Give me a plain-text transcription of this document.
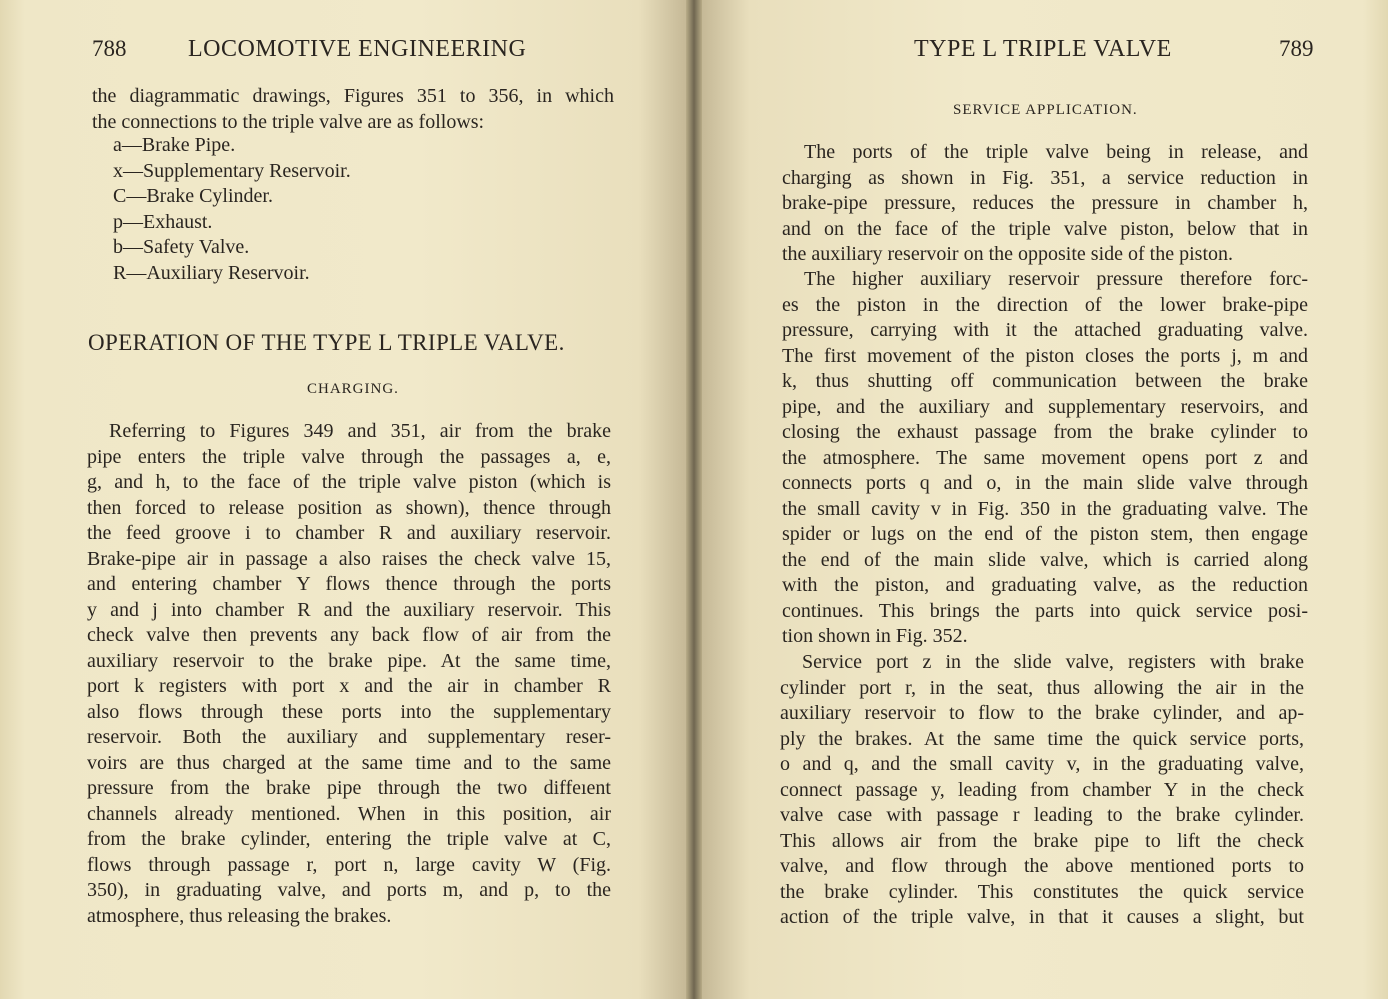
788	LOCOMOTIVE ENGINEERING
the diagrammatic drawings, Figures 351 to 356, in which
the connections to the triple valve are as follows:
a—Brake Pipe.
x—Supplementary Reservoir.
C—Brake Cylinder.
p—Exhaust.
b—Safety Valve.
R—Auxiliary Reservoir.
OPERATION OF THE TYPE L TRIPLE VALVE.
CHARGING.
Referring to Figures 349 and 351, air from the brake
pipe enters the triple valve through the passages a, e,
g, and h, to the face of the triple valve piston (which is
then forced to release position as shown), thence through
the feed groove i to chamber R and auxiliary reservoir.
Brake-pipe air in passage a also raises the check valve 15,
and entering chamber Y flows thence through the ports
y and j into chamber R and the auxiliary reservoir. This
check valve then prevents any back flow of air from the
auxiliary reservoir to the brake pipe. At the same time,
port k registers with port x and the air in chamber R
also flows through these ports into the supplementary
reservoir. Both the auxiliary and supplementary reser-
voirs are thus charged at the same time and to the same
pressure from the brake pipe through the two diffeıent
channels already mentioned. When in this position, air
from the brake cylinder, entering the triple valve at C,
flows through passage r, port n, large cavity W (Fig.
350), in graduating valve, and ports m, and p, to the
atmosphere, thus releasing the brakes.
TYPE L TRIPLE VALVE	789
SERVICE APPLICATION.
The ports of the triple valve being in release, and
charging as shown in Fig. 351, a service reduction in
brake-pipe pressure, reduces the pressure in chamber h,
and on the face of the triple valve piston, below that in
the auxiliary reservoir on the opposite side of the piston.
The higher auxiliary reservoir pressure therefore forc-
es the piston in the direction of the lower brake-pipe
pressure, carrying with it the attached graduating valve.
The first movement of the piston closes the ports j, m and
k, thus shutting off communication between the brake
pipe, and the auxiliary and supplementary reservoirs, and
closing the exhaust passage from the brake cylinder to
the atmosphere. The same movement opens port z and
connects ports q and o, in the main slide valve through
the small cavity v in Fig. 350 in the graduating valve. The
spider or lugs on the end of the piston stem, then engage
the end of the main slide valve, which is carried along
with the piston, and graduating valve, as the reduction
continues. This brings the parts into quick service posi-
tion shown in Fig. 352.
Service port z in the slide valve, registers with brake
cylinder port r, in the seat, thus allowing the air in the
auxiliary reservoir to flow to the brake cylinder, and ap-
ply the brakes. At the same time the quick service ports,
o and q, and the small cavity v, in the graduating valve,
connect passage y, leading from chamber Y in the check
valve case with passage r leading to the brake cylinder.
This allows air from the brake pipe to lift the check
valve, and flow through the above mentioned ports to
the brake cylinder. This constitutes the quick service
action of the triple valve, in that it causes a slight, but
